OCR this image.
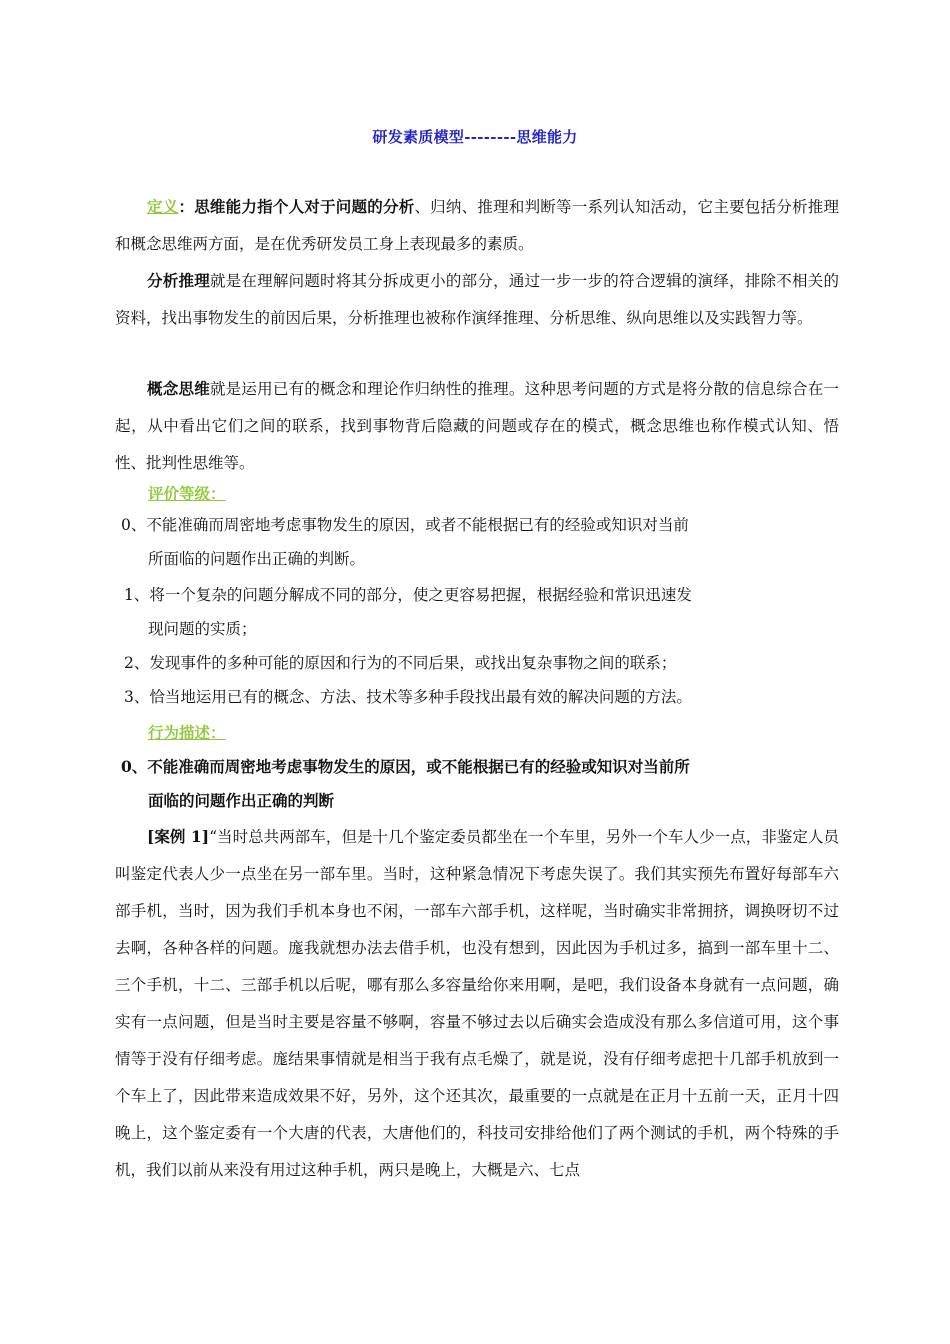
研发素质模型--------思维能力

定义：思维能力指个人对于问题的分析、归纳、推理和判断等一系列认知活动，它主要包括分析推理和概念思维两方面，是在优秀研发员工身上表现最多的素质。

分析推理就是在理解问题时将其分拆成更小的部分，通过一步一步的符合逻辑的演绎，排除不相关的资料，找出事物发生的前因后果，分析推理也被称作演绎推理、分析思维、纵向思维以及实践智力等。

概念思维就是运用已有的概念和理论作归纳性的推理。这种思考问题的方式是将分散的信息综合在一起，从中看出它们之间的联系，找到事物背后隐藏的问题或存在的模式，概念思维也称作模式认知、悟性、批判性思维等。

评价等级：

0、不能准确而周密地考虑事物发生的原因，或者不能根据已有的经验或知识对当前

所面临的问题作出正确的判断。

1、将一个复杂的问题分解成不同的部分，使之更容易把握，根据经验和常识迅速发

现问题的实质；

2、发现事件的多种可能的原因和行为的不同后果，或找出复杂事物之间的联系；

3、恰当地运用已有的概念、方法、技术等多种手段找出最有效的解决问题的方法。

行为描述：
0、不能准确而周密地考虑事物发生的原因，或不能根据已有的经验或知识对当前所
面临的问题作出正确的判断

[案例 1]“当时总共两部车，但是十几个鉴定委员都坐在一个车里，另外一个车人少一点，非鉴定人员叫鉴定代表人少一点坐在另一部车里。当时，这种紧急情况下考虑失误了。我们其实预先布置好每部车六部手机，当时，因为我们手机本身也不闲，一部车六部手机，这样呢，当时确实非常拥挤，调换呀切不过去啊，各种各样的问题。庬我就想办法去借手机，也没有想到，因此因为手机过多，搞到一部车里十二、三个手机，十二、三部手机以后呢，哪有那么多容量给你来用啊，是吧，我们设备本身就有一点问题，确实有一点问题，但是当时主要是容量不够啊，容量不够过去以后确实会造成没有那么多信道可用，这个事情等于没有仔细考虑。庬结果事情就是相当于我有点毛燥了，就是说，没有仔细考虑把十几部手机放到一个车上了，因此带来造成效果不好，另外，这个还其次，最重要的一点就是在正月十五前一天，正月十四晚上，这个鉴定委有一个大唐的代表，大唐他们的，科技司安排给他们了两个测试的手机，两个特殊的手机，我们以前从来没有用过这种手机，两只是晚上，大概是六、七点
